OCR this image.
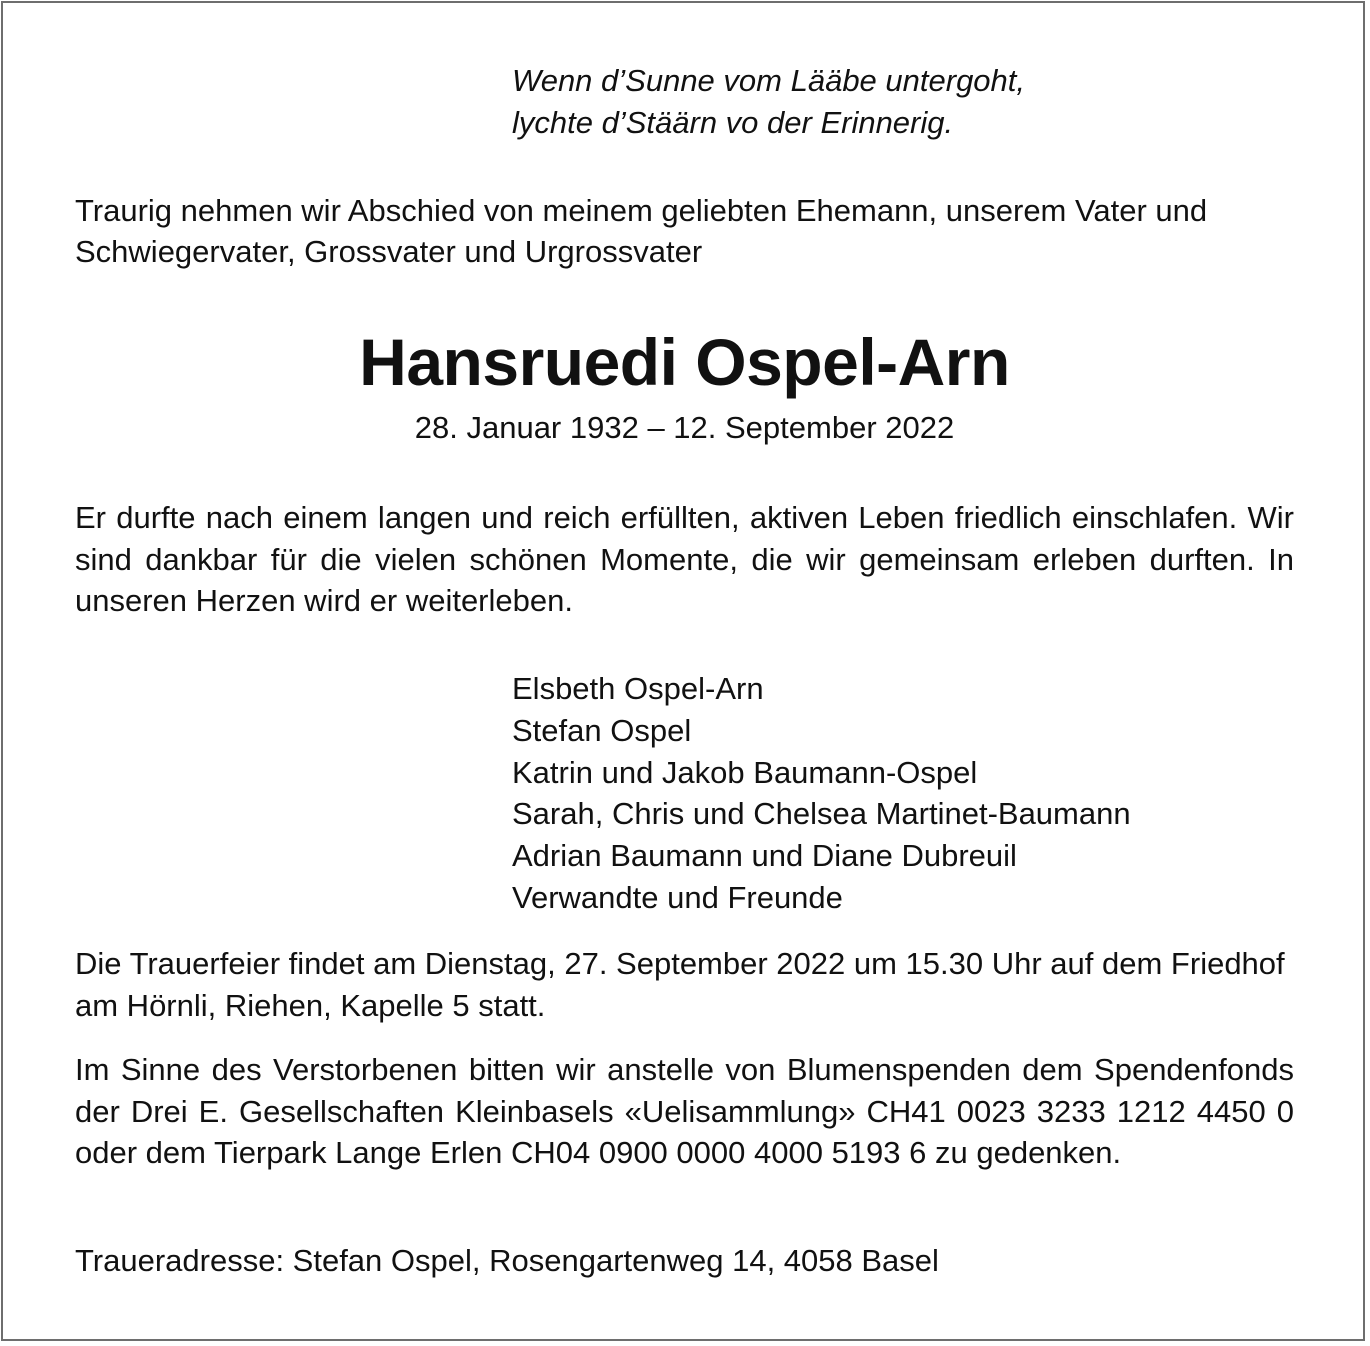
Wenn d’Sunne vom Lääbe untergoht,
lychte d’Stäärn vo der Erinnerig.
Traurig nehmen wir Abschied von meinem geliebten Ehemann, unserem Vater und Schwiegervater, Grossvater und Urgrossvater
Hansruedi Ospel-Arn
28. Januar 1932 – 12. September 2022
Er durfte nach einem langen und reich erfüllten, aktiven Leben friedlich einschlafen. Wir sind dankbar für die vielen schönen Momente, die wir gemeinsam erleben durften. In unseren Herzen wird er weiterleben.
Elsbeth Ospel-Arn
Stefan Ospel
Katrin und Jakob Baumann-Ospel
Sarah, Chris und Chelsea Martinet-Baumann
Adrian Baumann und Diane Dubreuil
Verwandte und Freunde
Die Trauerfeier findet am Dienstag, 27. September 2022 um 15.30 Uhr auf dem Friedhof am Hörnli, Riehen, Kapelle 5 statt.
Im Sinne des Verstorbenen bitten wir anstelle von Blumenspenden dem Spendenfonds der Drei E. Gesellschaften Kleinbasels «Uelisammlung» CH41 0023 3233 1212 4450 0 oder dem Tierpark Lange Erlen CH04 0900 0000 4000 5193 6 zu gedenken.
Traueradresse: Stefan Ospel, Rosengartenweg 14, 4058 Basel
